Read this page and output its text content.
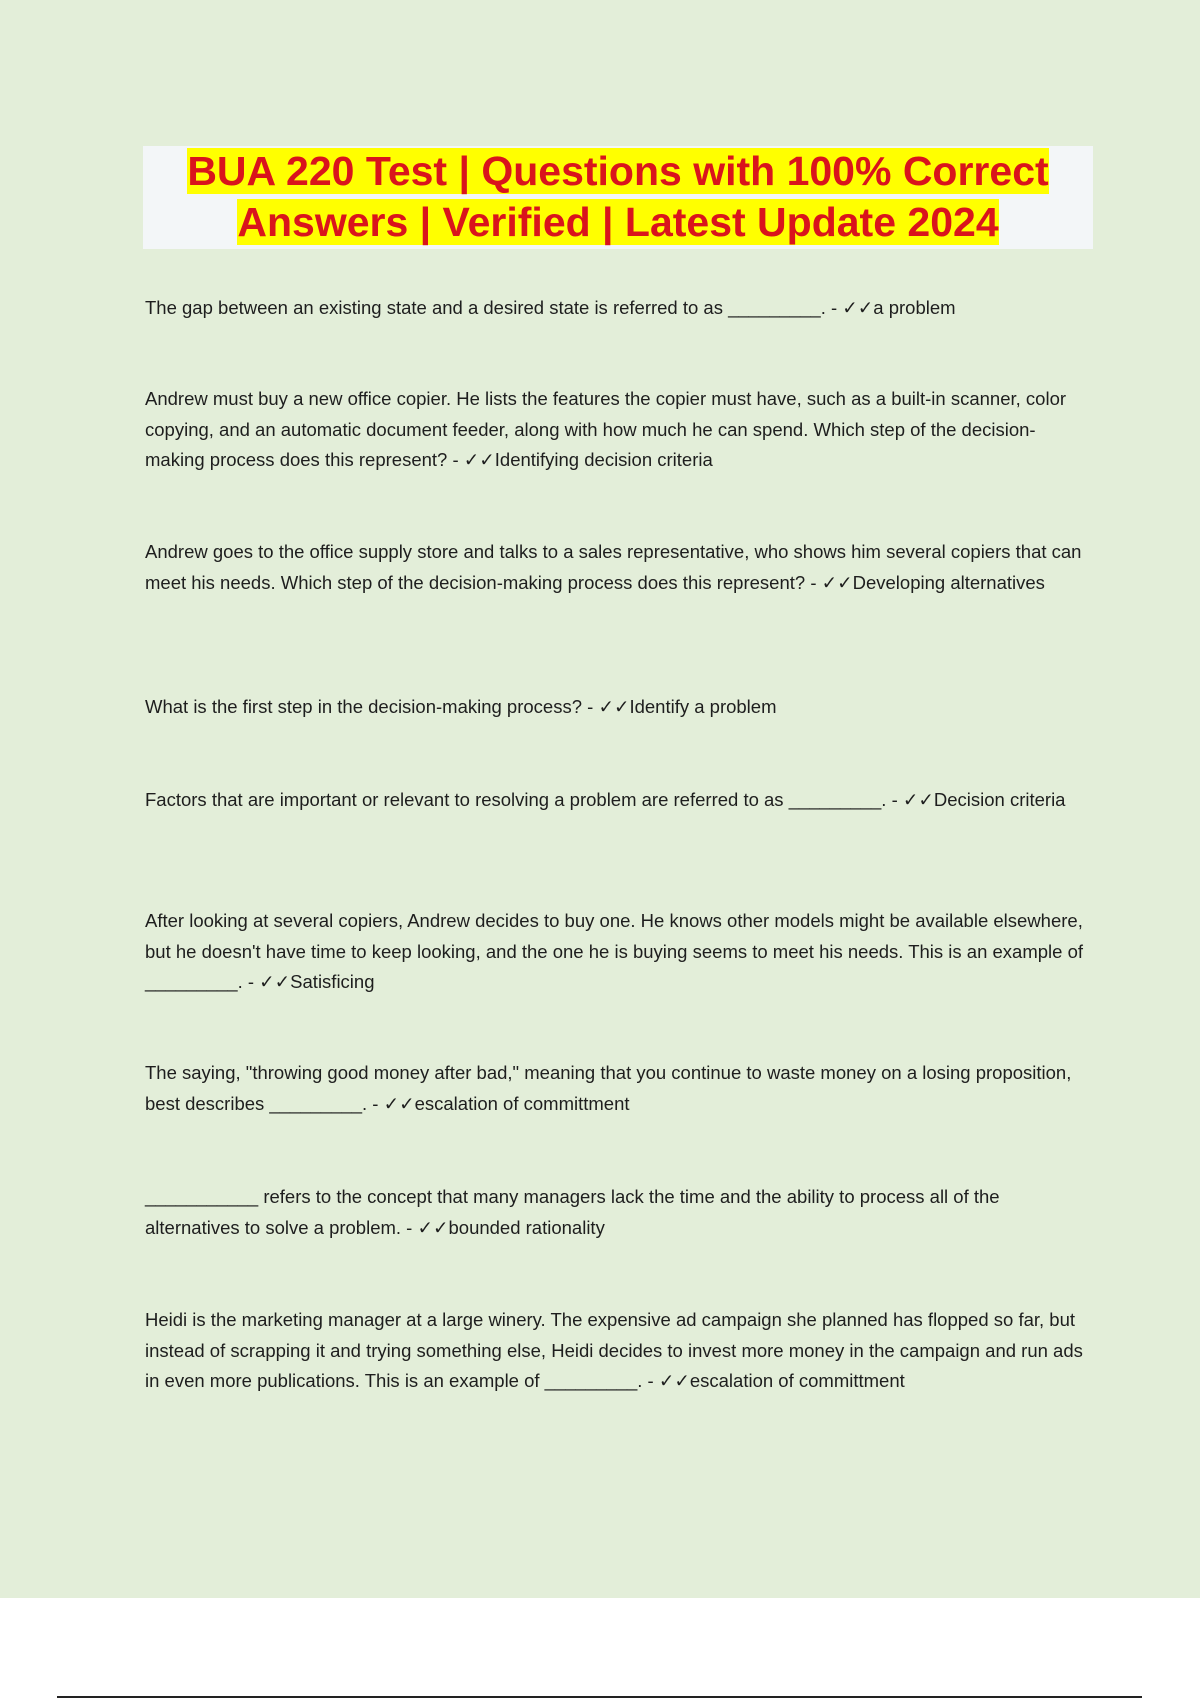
BUA 220 Test | Questions with 100% Correct
Answers | Verified | Latest Update 2024
The gap between an existing state and a desired state is referred to as _________. - ✓✓a problem
Andrew must buy a new office copier. He lists the features the copier must have, such as a built-in scanner, color copying, and an automatic document feeder, along with how much he can spend. Which step of the decision-making process does this represent? - ✓✓Identifying decision criteria
Andrew goes to the office supply store and talks to a sales representative, who shows him several copiers that can meet his needs. Which step of the decision-making process does this represent? - ✓✓Developing alternatives
What is the first step in the decision-making process? - ✓✓Identify a problem
Factors that are important or relevant to resolving a problem are referred to as _________. - ✓✓Decision criteria
After looking at several copiers, Andrew decides to buy one. He knows other models might be available elsewhere, but he doesn't have time to keep looking, and the one he is buying seems to meet his needs. This is an example of _________. - ✓✓Satisficing
The saying, "throwing good money after bad," meaning that you continue to waste money on a losing proposition, best describes _________. - ✓✓escalation of committment
___________ refers to the concept that many managers lack the time and the ability to process all of the alternatives to solve a problem. - ✓✓bounded rationality
Heidi is the marketing manager at a large winery. The expensive ad campaign she planned has flopped so far, but instead of scrapping it and trying something else, Heidi decides to invest more money in the campaign and run ads in even more publications. This is an example of _________. - ✓✓escalation of committment
